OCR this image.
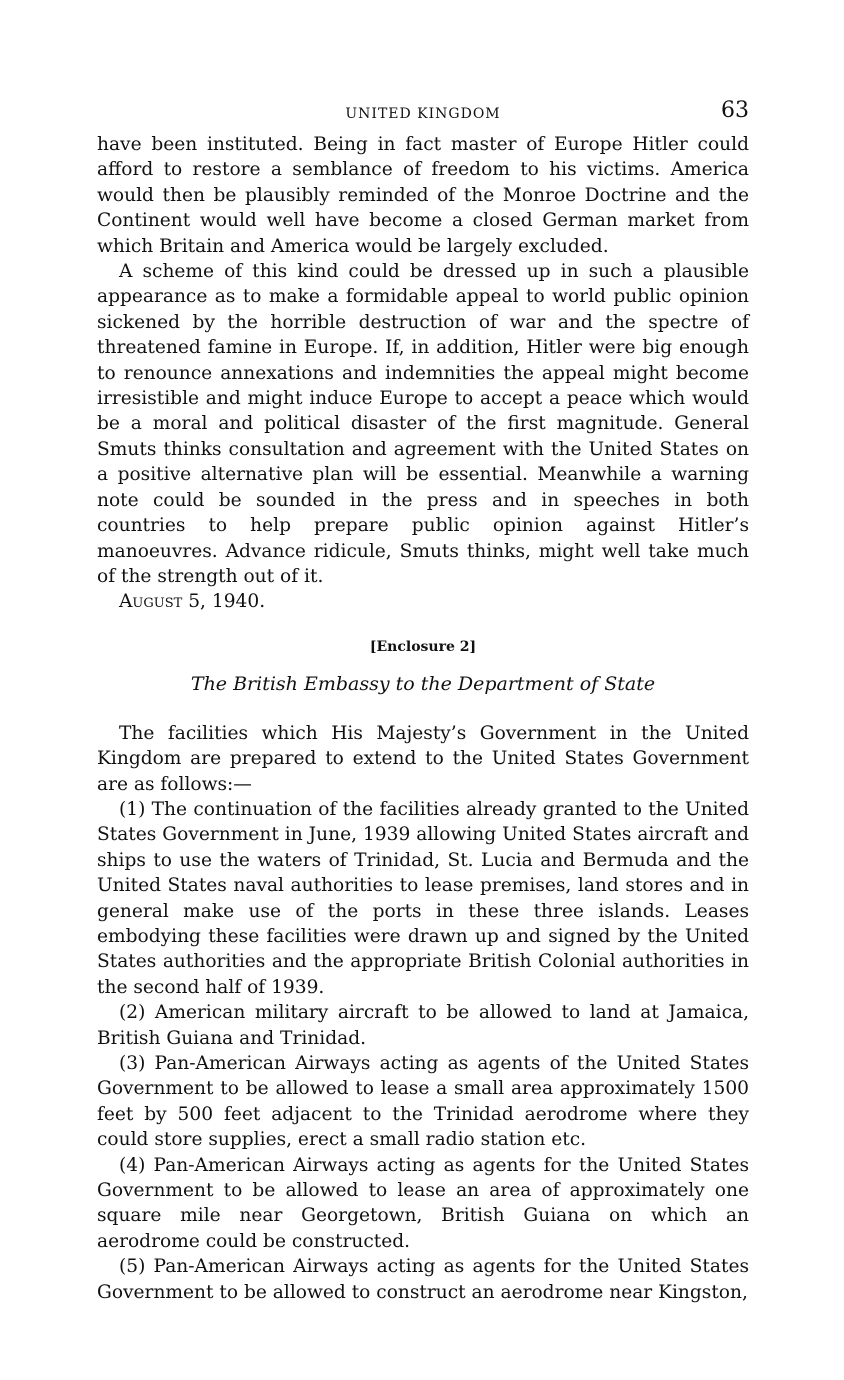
UNITED KINGDOM	63

have been instituted. Being in fact master of Europe Hitler could afford to restore a semblance of freedom to his victims. America would then be plausibly reminded of the Monroe Doctrine and the Continent would well have become a closed German market from which Britain and America would be largely excluded.

A scheme of this kind could be dressed up in such a plausible appearance as to make a formidable appeal to world public opinion sickened by the horrible destruction of war and the spectre of threatened famine in Europe. If, in addition, Hitler were big enough to renounce annexations and indemnities the appeal might become irresistible and might induce Europe to accept a peace which would be a moral and political disaster of the first magnitude. General Smuts thinks consultation and agreement with the United States on a positive alternative plan will be essential. Meanwhile a warning note could be sounded in the press and in speeches in both countries to help prepare public opinion against Hitler’s manoeuvres. Advance ridicule, Smuts thinks, might well take much of the strength out of it.

August 5, 1940.

[Enclosure 2]
The British Embassy to the Department of State

The facilities which His Majesty’s Government in the United Kingdom are prepared to extend to the United States Government are as follows:—

(1) The continuation of the facilities already granted to the United States Government in June, 1939 allowing United States aircraft and ships to use the waters of Trinidad, St. Lucia and Bermuda and the United States naval authorities to lease premises, land stores and in general make use of the ports in these three islands. Leases embodying these facilities were drawn up and signed by the United States authorities and the appropriate British Colonial authorities in the second half of 1939.

(2) American military aircraft to be allowed to land at Jamaica, British Guiana and Trinidad.

(3) Pan-American Airways acting as agents of the United States Government to be allowed to lease a small area approximately 1500 feet by 500 feet adjacent to the Trinidad aerodrome where they could store supplies, erect a small radio station etc.

(4) Pan-American Airways acting as agents for the United States Government to be allowed to lease an area of approximately one square mile near Georgetown, British Guiana on which an aerodrome could be constructed.

(5) Pan-American Airways acting as agents for the United States Government to be allowed to construct an aerodrome near Kingston,
